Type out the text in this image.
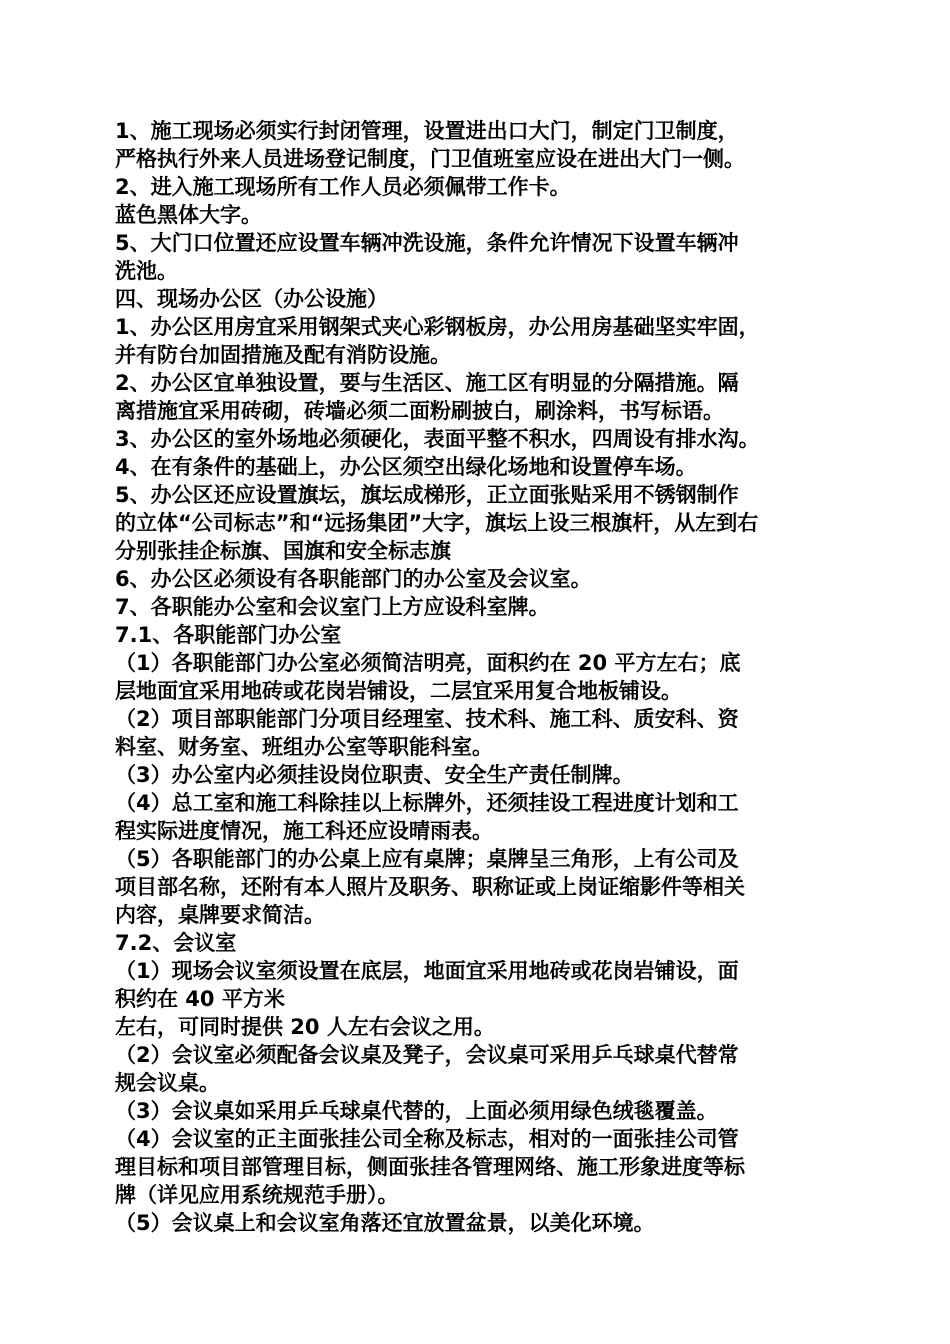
1、施工现场必须实行封闭管理，设置进出口大门，制定门卫制度，
严格执行外来人员进场登记制度，门卫值班室应设在进出大门一侧。
2、进入施工现场所有工作人员必须佩带工作卡。
蓝色黑体大字。
5、大门口位置还应设置车辆冲洗设施，条件允许情况下设置车辆冲
洗池。
四、现场办公区（办公设施）
1、办公区用房宜采用钢架式夹心彩钢板房，办公用房基础坚实牢固，
并有防台加固措施及配有消防设施。
2、办公区宜单独设置，要与生活区、施工区有明显的分隔措施。隔
离措施宜采用砖砌，砖墙必须二面粉刷披白，刷涂料，书写标语。
3、办公区的室外场地必须硬化，表面平整不积水，四周设有排水沟。
4、在有条件的基础上，办公区须空出绿化场地和设置停车场。
5、办公区还应设置旗坛，旗坛成梯形，正立面张贴采用不锈钢制作
的立体“公司标志”和“远扬集团”大字，旗坛上设三根旗杆，从左到右
分别张挂企标旗、国旗和安全标志旗
6、办公区必须设有各职能部门的办公室及会议室。
7、各职能办公室和会议室门上方应设科室牌。
7.1、各职能部门办公室
（1）各职能部门办公室必须简洁明亮，面积约在 20 平方左右；底
层地面宜采用地砖或花岗岩铺设，二层宜采用复合地板铺设。
（2）项目部职能部门分项目经理室、技术科、施工科、质安科、资
料室、财务室、班组办公室等职能科室。
（3）办公室内必须挂设岗位职责、安全生产责任制牌。
（4）总工室和施工科除挂以上标牌外，还须挂设工程进度计划和工
程实际进度情况，施工科还应设晴雨表。
（5）各职能部门的办公桌上应有桌牌；桌牌呈三角形，上有公司及
项目部名称，还附有本人照片及职务、职称证或上岗证缩影件等相关
内容，桌牌要求简洁。
7.2、会议室
（1）现场会议室须设置在底层，地面宜采用地砖或花岗岩铺设，面
积约在 40 平方米
左右，可同时提供 20 人左右会议之用。
（2）会议室必须配备会议桌及凳子，会议桌可采用乒乓球桌代替常
规会议桌。
（3）会议桌如采用乒乓球桌代替的，上面必须用绿色绒毯覆盖。
（4）会议室的正主面张挂公司全称及标志，相对的一面张挂公司管
理目标和项目部管理目标，侧面张挂各管理网络、施工形象进度等标
牌（详见应用系统规范手册）。
（5）会议桌上和会议室角落还宜放置盆景，以美化环境。
